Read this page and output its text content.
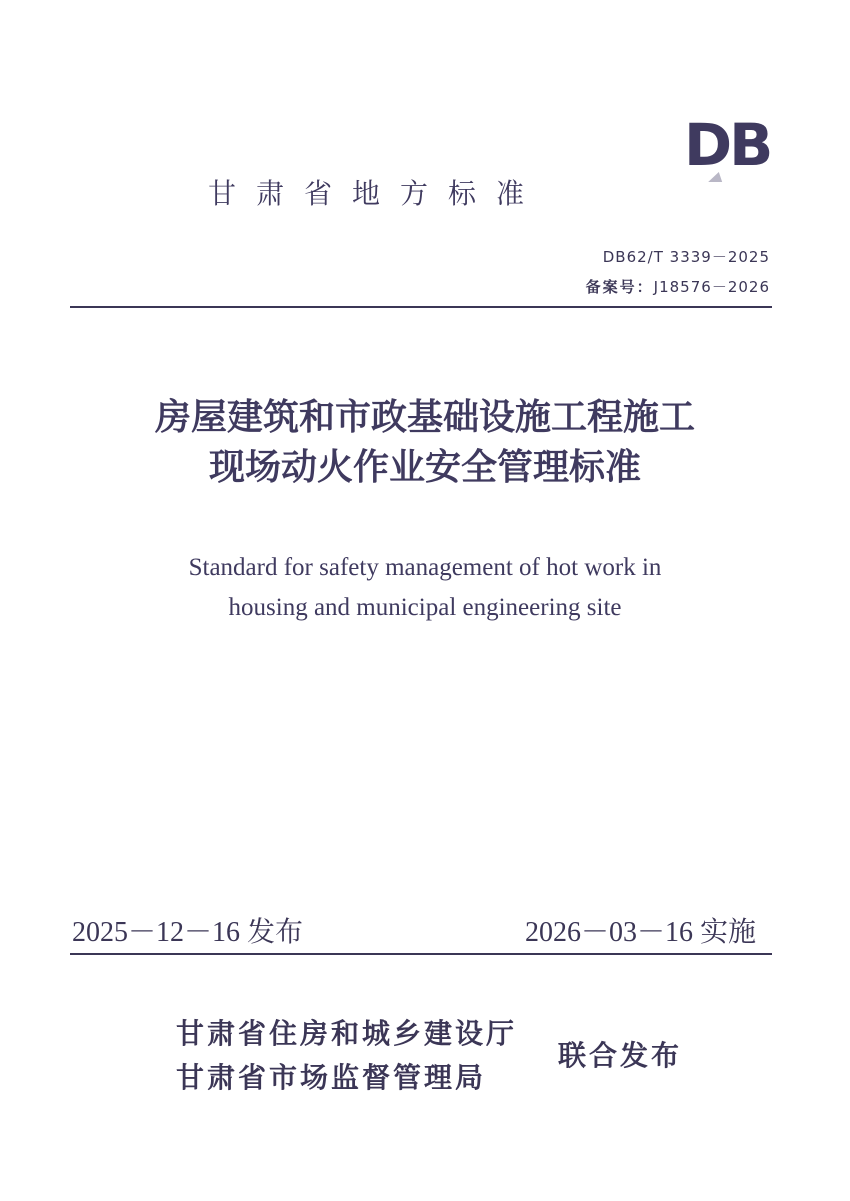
DB
甘肃省地方标准
DB62/T 3339－2025
备案号：J18576－2026
房屋建筑和市政基础设施工程施工
现场动火作业安全管理标准
Standard for safety management of hot work in
housing and municipal engineering site
2025－12－16 发布	2026－03－16 实施
甘肃省住房和城乡建设厅
甘肃省市场监督管理局
联合发布
